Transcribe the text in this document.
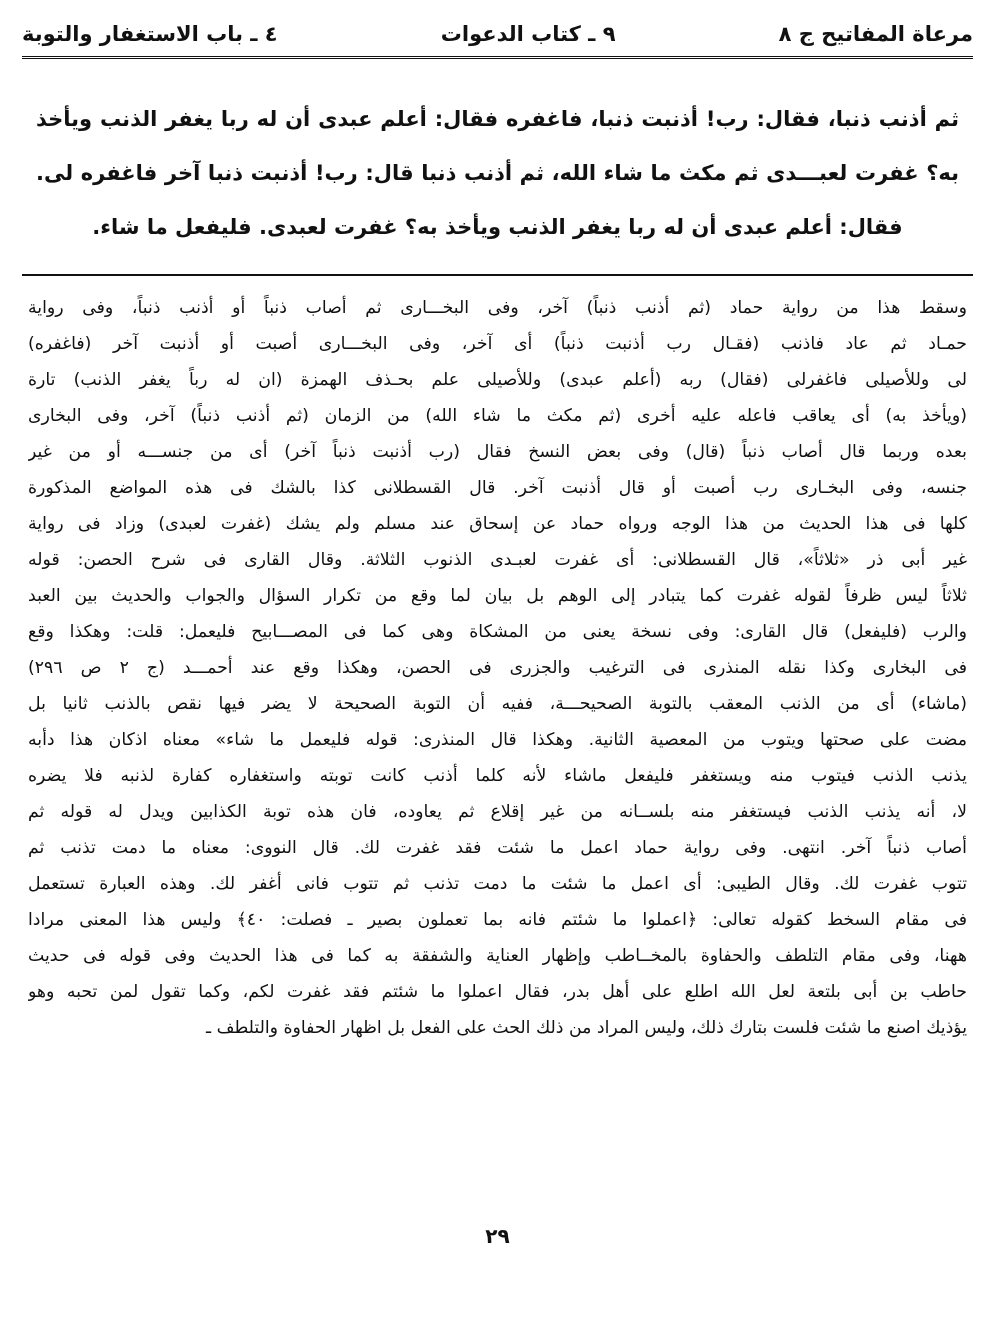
مرعاة المفاتيح ج ٨
٩ ـ كتاب الدعوات
٤ ـ باب الاستغفار والتوبة
ثم أذنب ذنبا، فقال: رب! أذنبت ذنبا، فاغفره فقال: أعلم عبدى أن له ربا يغفر الذنب ويأخذ به؟ غفرت لعبـــدى ثم مكث ما شاء الله، ثم أذنب ذنبا قال: رب! أذنبت ذنبا آخر فاغفره لى. فقال: أعلم عبدى أن له ربا يغفر الذنب ويأخذ به؟ غفرت لعبدى. فليفعل ما شاء.
وسقط هذا من رواية حماد (ثم أذنب ذنباً) آخر، وفى البخـــارى ثم أصاب ذنباً أو أذنب ذنباً، وفى رواية
حمـاد ثم عاد فاذنب (فقـال رب أذنبت ذنباً) أى آخر، وفى البخـــارى أصبت أو أذنبت آخر (فاغفره)
لى وللأصيلى فاغفرلى (فقال) ربه (أعلم عبدى) وللأصيلى علم بحـذف الهمزة (ان له رباً يغفر الذنب) تارة
(ويأخذ به) أى يعاقب فاعله عليه أخرى (ثم مكث ما شاء الله) من الزمان (ثم أذنب ذنباً) آخر، وفى البخارى
بعده وربما قال أصاب ذنباً (قال) وفى بعض النسخ فقال (رب أذنبت ذنباً آخر) أى من جنســـه أو من غير
جنسه، وفى البخـارى رب أصبت أو قال أذنبت آخر. قال القسطلانى كذا بالشك فى هذه المواضع المذكورة
كلها فى هذا الحديث من هذا الوجه ورواه حماد عن إسحاق عند مسلم ولم يشك (غفرت لعبدى) وزاد فى رواية
غير أبى ذر «ثلاثاً»، قال القسطلانى: أى غفرت لعبـدى الذنوب الثلاثة. وقال القارى فى شرح الحصن: قوله
ثلاثاً ليس ظرفاً لقوله غفرت كما يتبادر إلى الوهم بل بيان لما وقع من تكرار السؤال والجواب والحديث بين العبد
والرب (فليفعل) قال القارى: وفى نسخة يعنى من المشكاة وهى كما فى المصـــابيح فليعمل: قلت: وهكذا وقع
فى البخارى وكذا نقله المنذرى فى الترغيب والجزرى فى الحصن، وهكذا وقع عند أحمـــد (ج ٢ ص ٢٩٦)
(ماشاء) أى من الذنب المعقب بالتوبة الصحيحـــة، ففيه أن التوبة الصحيحة لا يضر فيها نقص بالذنب ثانيا بل
مضت على صحتها ويتوب من المعصية الثانية. وهكذا قال المنذرى: قوله فليعمل ما شاء» معناه اذكان هذا دأبه
يذنب الذنب فيتوب منه ويستغفر فليفعل ماشاء لأنه كلما أذنب كانت توبته واستغفاره كفارة لذنبه فلا يضره
لا، أنه يذنب الذنب فيستغفر منه بلســانه من غير إقلاع ثم يعاوده، فان هذه توبة الكذابين ويدل له قوله ثم
أصاب ذنباً آخر. انتهى. وفى رواية حماد اعمل ما شئت فقد غفرت لك. قال النووى: معناه ما دمت تذنب ثم
تتوب غفرت لك. وقال الطيبى: أى اعمل ما شئت ما دمت تذنب ثم تتوب فانى أغفر لك. وهذه العبارة تستعمل
فى مقام السخط كقوله تعالى: ﴿اعملوا ما شئتم فانه بما تعملون بصير ـ فصلت: ٤٠﴾ وليس هذا المعنى مرادا
ههنا، وفى مقام التلطف والحفاوة بالمخــاطب وإظهار العناية والشفقة به كما فى هذا الحديث وفى قوله فى حديث
حاطب بن أبى بلتعة لعل الله اطلع على أهل بدر، فقال اعملوا ما شئتم فقد غفرت لكم، وكما تقول لمن تحبه وهو
يؤذيك اصنع ما شئت فلست بتارك ذلك، وليس المراد من ذلك الحث على الفعل بل اظهار الحفاوة والتلطف ـ
٢٩
